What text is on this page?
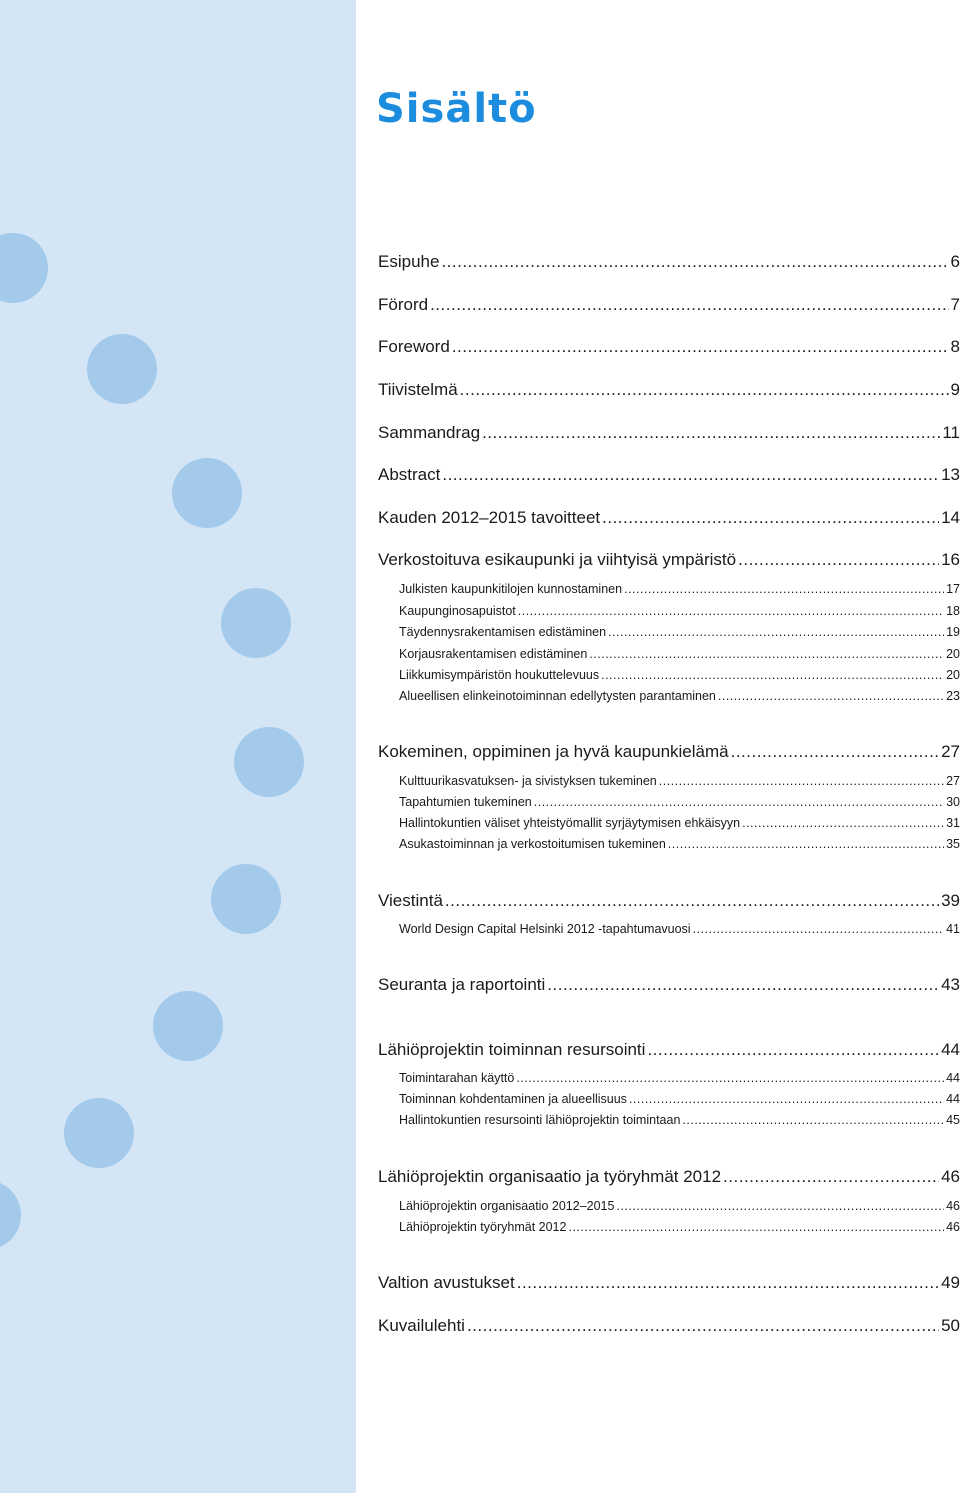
Sisältö
Esipuhe .....	6
Förord .....	7
Foreword .....	8
Tiivistelmä .....	9
Sammandrag .....	11
Abstract .....	13
Kauden 2012–2015 tavoitteet .....	14
Verkostoituva esikaupunki ja viihtyisä ympäristö .....	16
Julkisten kaupunkitilojen kunnostaminen .....	17
Kaupunginosapuistot .....	18
Täydennysrakentamisen edistäminen .....	19
Korjausrakentamisen edistäminen .....	20
Liikkumisympäristön houkuttelevuus .....	20
Alueellisen elinkeinotoiminnan edellytysten parantaminen .....	23
Kokeminen, oppiminen ja hyvä kaupunkielämä .....	27
Kulttuurikasvatuksen- ja sivistyksen tukeminen .....	27
Tapahtumien tukeminen .....	30
Hallintokuntien väliset yhteistyömallit syrjäytymisen ehkäisyyn .....	31
Asukastoiminnan ja verkostoitumisen tukeminen .....	35
Viestintä .....	39
World Design Capital Helsinki 2012 -tapahtumavuosi .....	41
Seuranta ja raportointi .....	43
Lähiöprojektin toiminnan resursointi .....	44
Toimintarahan käyttö .....	44
Toiminnan kohdentaminen ja alueellisuus .....	44
Hallintokuntien resursointi lähiöprojektin toimintaan .....	45
Lähiöprojektin organisaatio ja työryhmät 2012 .....	46
Lähiöprojektin organisaatio 2012–2015 .....	46
Lähiöprojektin työryhmät 2012 .....	46
Valtion avustukset .....	49
Kuvailulehti .....	50
